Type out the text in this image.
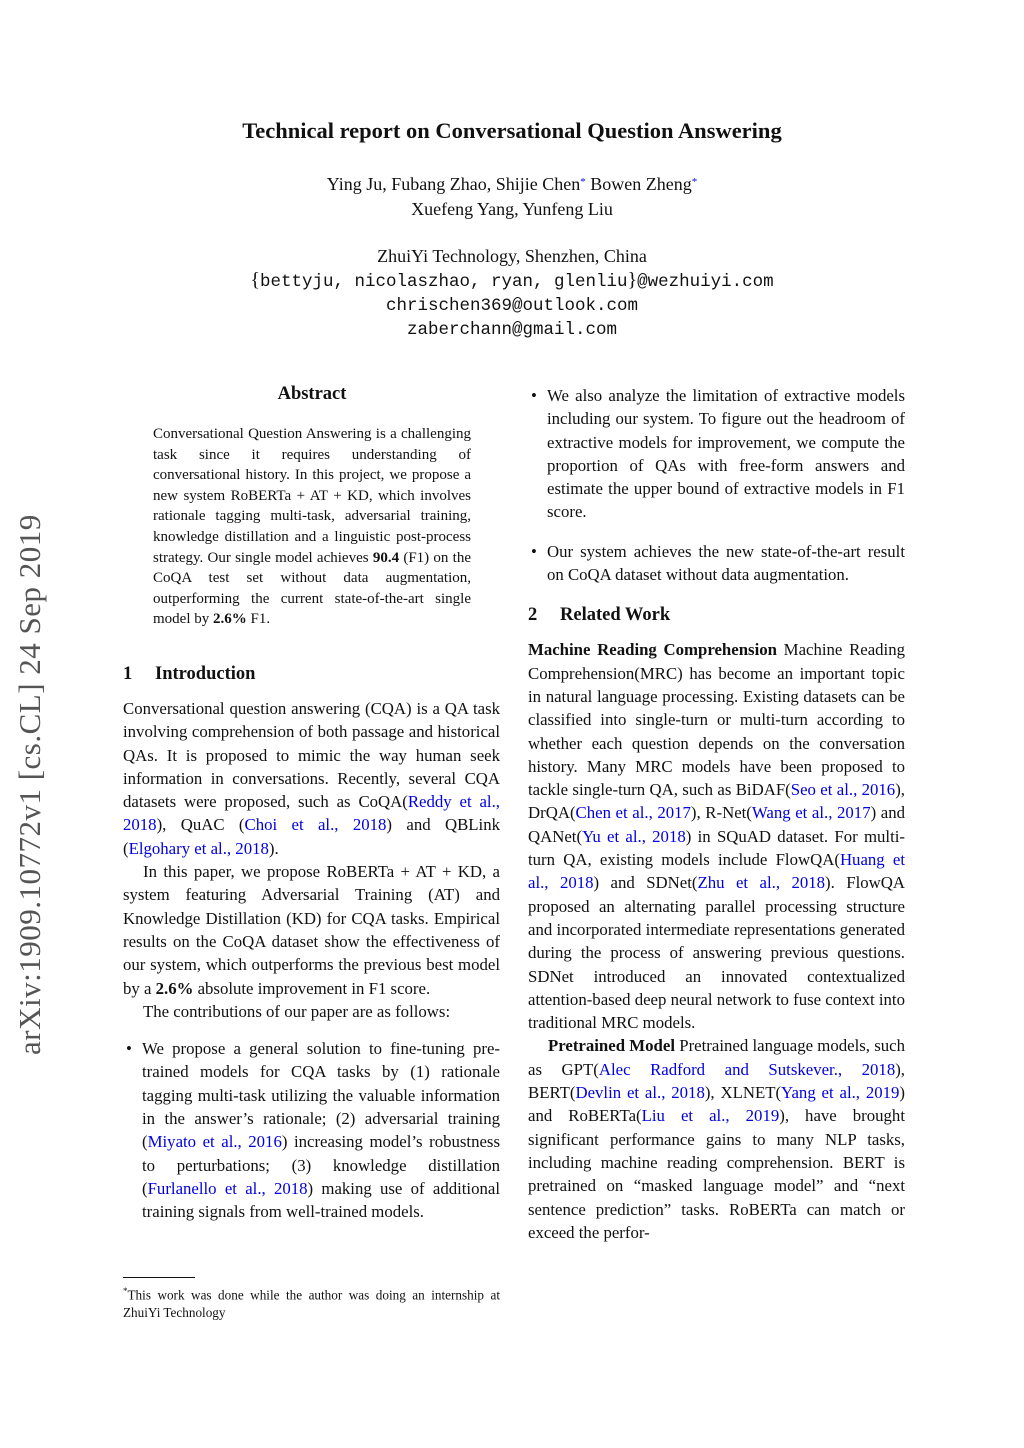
Technical report on Conversational Question Answering
Ying Ju, Fubang Zhao, Shijie Chen* Bowen Zheng*
Xuefeng Yang, Yunfeng Liu
ZhuiYi Technology, Shenzhen, China
{bettyju, nicolaszhao, ryan, glenliu}@wezhuiyi.com
chrischen369@outlook.com
zaberchann@gmail.com
arXiv:1909.10772v1 [cs.CL] 24 Sep 2019
Abstract
Conversational Question Answering is a challenging task since it requires understanding of conversational history. In this project, we propose a new system RoBERTa + AT + KD, which involves rationale tagging multi-task, adversarial training, knowledge distillation and a linguistic post-process strategy. Our single model achieves 90.4 (F1) on the CoQA test set without data augmentation, outperforming the current state-of-the-art single model by 2.6% F1.
1 Introduction
Conversational question answering (CQA) is a QA task involving comprehension of both passage and historical QAs. It is proposed to mimic the way human seek information in conversations. Recently, several CQA datasets were proposed, such as CoQA(Reddy et al., 2018), QuAC (Choi et al., 2018) and QBLink (Elgohary et al., 2018).
In this paper, we propose RoBERTa + AT + KD, a system featuring Adversarial Training (AT) and Knowledge Distillation (KD) for CQA tasks. Empirical results on the CoQA dataset show the effectiveness of our system, which outperforms the previous best model by a 2.6% absolute improvement in F1 score.
The contributions of our paper are as follows:
• We propose a general solution to fine-tuning pre-trained models for CQA tasks by (1) rationale tagging multi-task utilizing the valuable information in the answer’s rationale; (2) adversarial training (Miyato et al., 2016) increasing model’s robustness to perturbations; (3) knowledge distillation (Furlanello et al., 2018) making use of additional training signals from well-trained models.
*This work was done while the author was doing an internship at ZhuiYi Technology
• We also analyze the limitation of extractive models including our system. To figure out the headroom of extractive models for improvement, we compute the proportion of QAs with free-form answers and estimate the upper bound of extractive models in F1 score.
• Our system achieves the new state-of-the-art result on CoQA dataset without data augmentation.
2 Related Work
Machine Reading Comprehension Machine Reading Comprehension(MRC) has become an important topic in natural language processing. Existing datasets can be classified into single-turn or multi-turn according to whether each question depends on the conversation history. Many MRC models have been proposed to tackle single-turn QA, such as BiDAF(Seo et al., 2016), DrQA(Chen et al., 2017), R-Net(Wang et al., 2017) and QANet(Yu et al., 2018) in SQuAD dataset. For multi-turn QA, existing models include FlowQA(Huang et al., 2018) and SDNet(Zhu et al., 2018). FlowQA proposed an alternating parallel processing structure and incorporated intermediate representations generated during the process of answering previous questions. SDNet introduced an innovated contextualized attention-based deep neural network to fuse context into traditional MRC models.
Pretrained Model Pretrained language models, such as GPT(Alec Radford and Sutskever., 2018), BERT(Devlin et al., 2018), XLNET(Yang et al., 2019) and RoBERTa(Liu et al., 2019), have brought significant performance gains to many NLP tasks, including machine reading comprehension. BERT is pretrained on “masked language model” and “next sentence prediction” tasks. RoBERTa can match or exceed the perfor-
